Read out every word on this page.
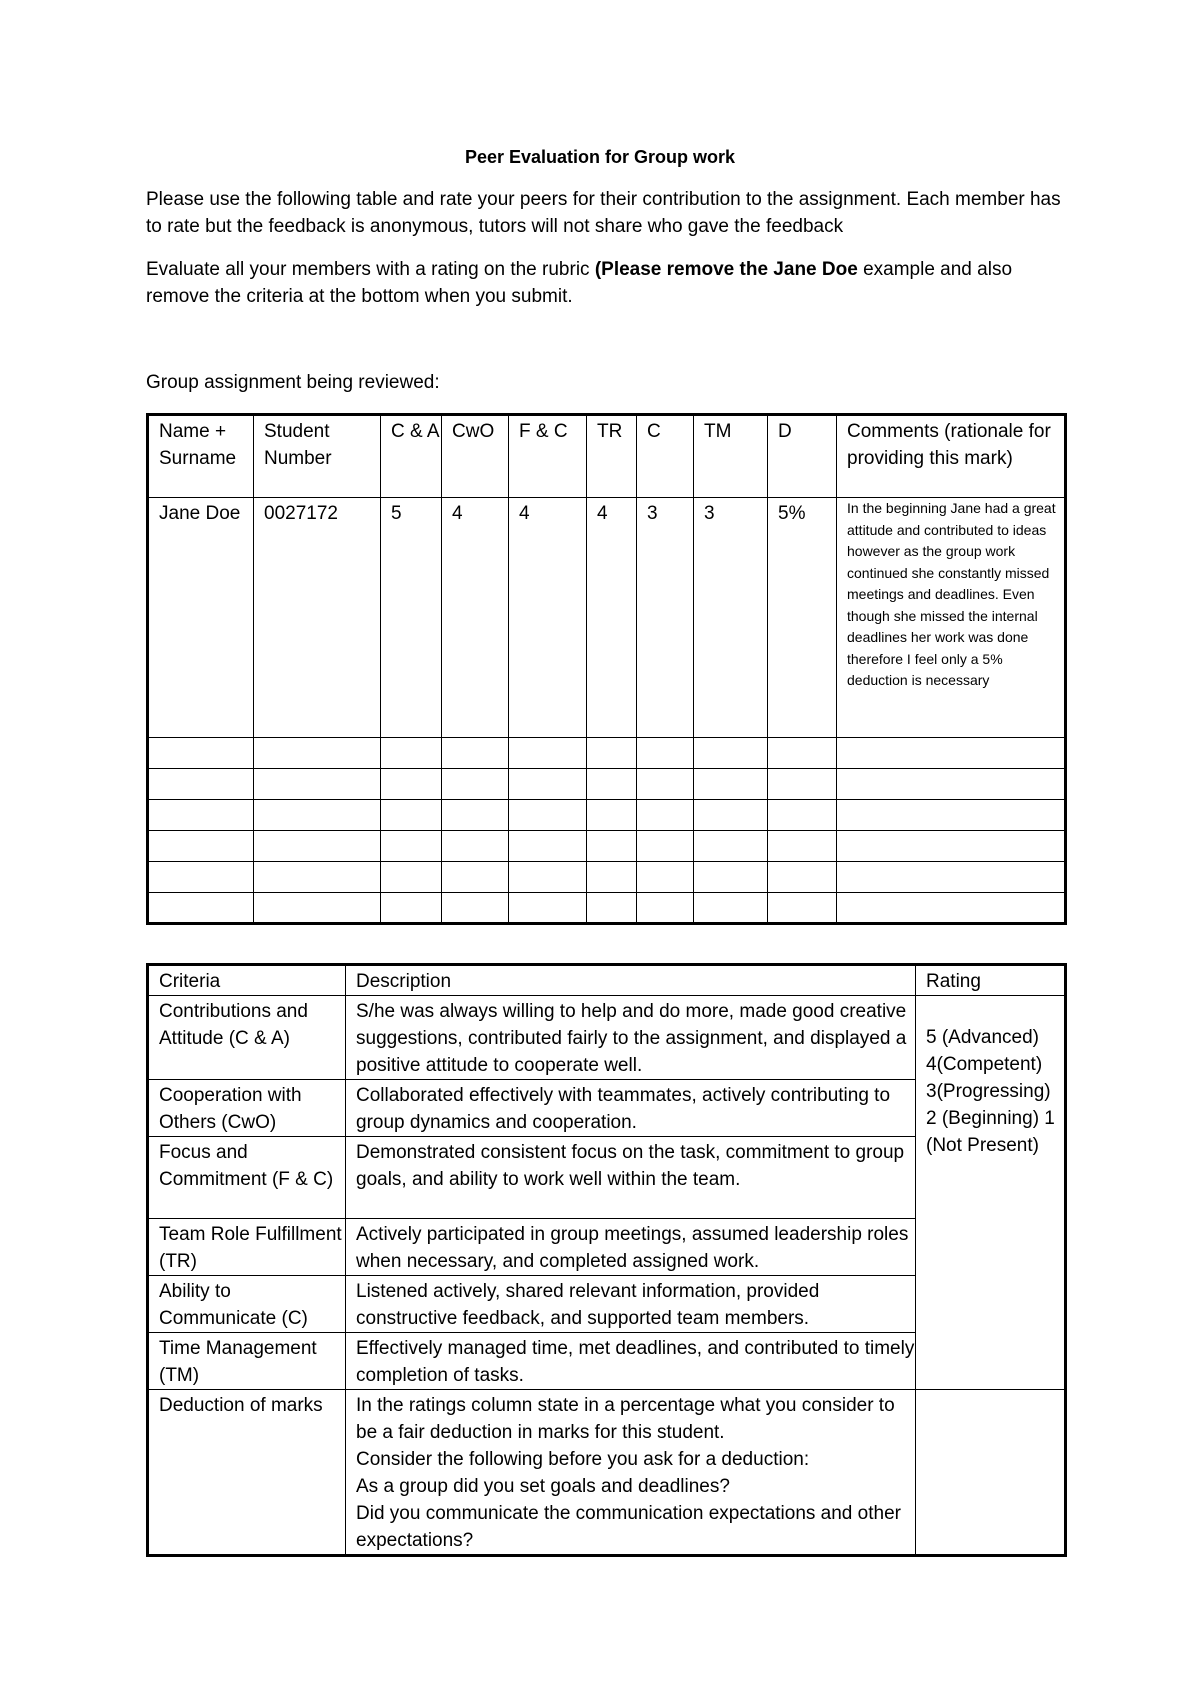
Peer Evaluation for Group work
Please use the following table and rate your peers for their contribution to the assignment. Each member has to rate but the feedback is anonymous, tutors will not share who gave the feedback
Evaluate all your members with a rating on the rubric (Please remove the Jane Doe example and also remove the criteria at the bottom when you submit.
Group assignment being reviewed:
Name + Surname	Student Number	C & A	CwO	F & C	TR	C	TM	D	Comments (rationale for providing this mark)
Jane Doe	0027172	5	4	4	4	3	3	5%	In the beginning Jane had a great attitude and contributed to ideas however as the group work continued she constantly missed meetings and deadlines. Even though she missed the internal deadlines her work was done therefore I feel only a 5% deduction is necessary

Criteria	Description	Rating
Contributions and Attitude (C & A)	S/he was always willing to help and do more, made good creative suggestions, contributed fairly to the assignment, and displayed a positive attitude to cooperate well.	5 (Advanced) 4(Competent) 3(Progressing) 2 (Beginning) 1 (Not Present)
Cooperation with Others (CwO)	Collaborated effectively with teammates, actively contributing to group dynamics and cooperation.	
Focus and Commitment (F & C)	Demonstrated consistent focus on the task, commitment to group goals, and ability to work well within the team.	
Team Role Fulfillment (TR)	Actively participated in group meetings, assumed leadership roles when necessary, and completed assigned work.	
Ability to Communicate (C)	Listened actively, shared relevant information, provided constructive feedback, and supported team members.	
Time Management (TM)	Effectively managed time, met deadlines, and contributed to timely completion of tasks.	
Deduction of marks	In the ratings column state in a percentage what you consider to be a fair deduction in marks for this student.
Consider the following before you ask for a deduction:
As a group did you set goals and deadlines?
Did you communicate the communication expectations and other expectations?	
